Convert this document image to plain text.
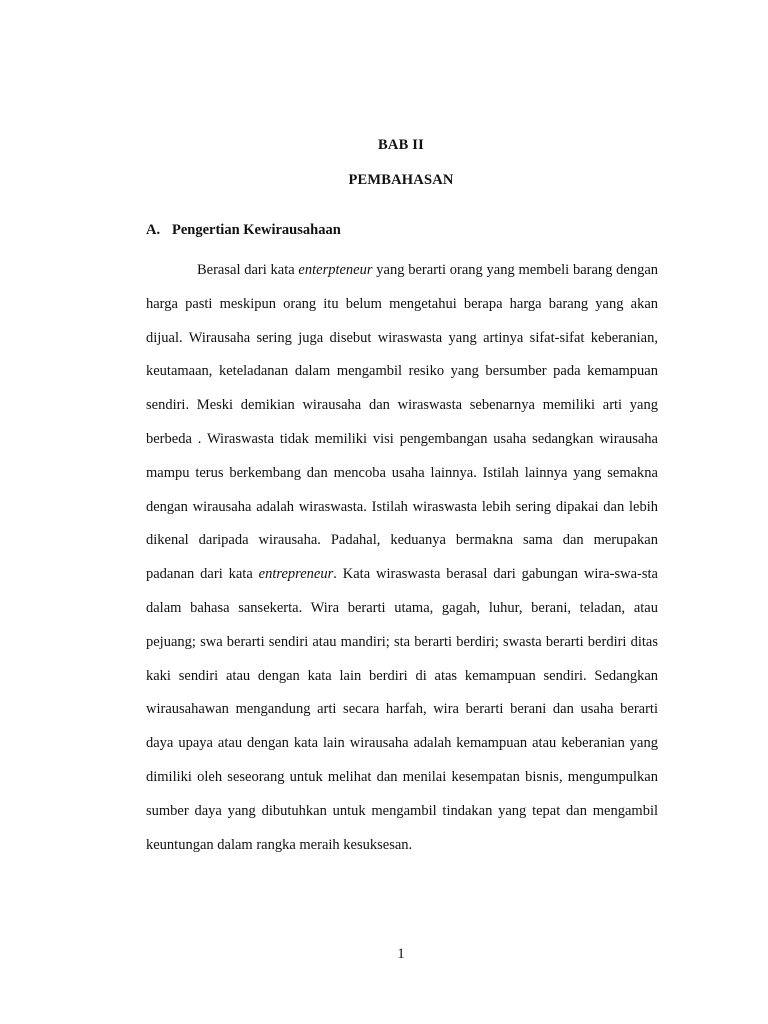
BAB II
PEMBAHASAN
A. Pengertian Kewirausahaan

Berasal dari kata enterpteneur yang berarti orang yang membeli barang dengan harga pasti meskipun orang itu belum mengetahui berapa harga barang yang akan dijual. Wirausaha sering juga disebut wiraswasta yang artinya sifat-sifat keberanian, keutamaan, keteladanan dalam mengambil resiko yang bersumber pada kemampuan sendiri. Meski demikian wirausaha dan wiraswasta sebenarnya memiliki arti yang berbeda . Wiraswasta tidak memiliki visi pengembangan usaha sedangkan wirausaha mampu terus berkembang dan mencoba usaha lainnya. Istilah lainnya yang semakna dengan wirausaha adalah wiraswasta. Istilah wiraswasta lebih sering dipakai dan lebih dikenal daripada wirausaha. Padahal, keduanya bermakna sama dan merupakan padanan dari kata entrepreneur. Kata wiraswasta berasal dari gabungan wira-swa-sta dalam bahasa sansekerta. Wira berarti utama, gagah, luhur, berani, teladan, atau pejuang; swa berarti sendiri atau mandiri; sta berarti berdiri; swasta berarti berdiri ditas kaki sendiri atau dengan kata lain berdiri di atas kemampuan sendiri. Sedangkan wirausahawan mengandung arti secara harfah, wira berarti berani dan usaha berarti daya upaya atau dengan kata lain wirausaha adalah kemampuan atau keberanian yang dimiliki oleh seseorang untuk melihat dan menilai kesempatan bisnis, mengumpulkan sumber daya yang dibutuhkan untuk mengambil tindakan yang tepat dan mengambil keuntungan dalam rangka meraih kesuksesan.

1
